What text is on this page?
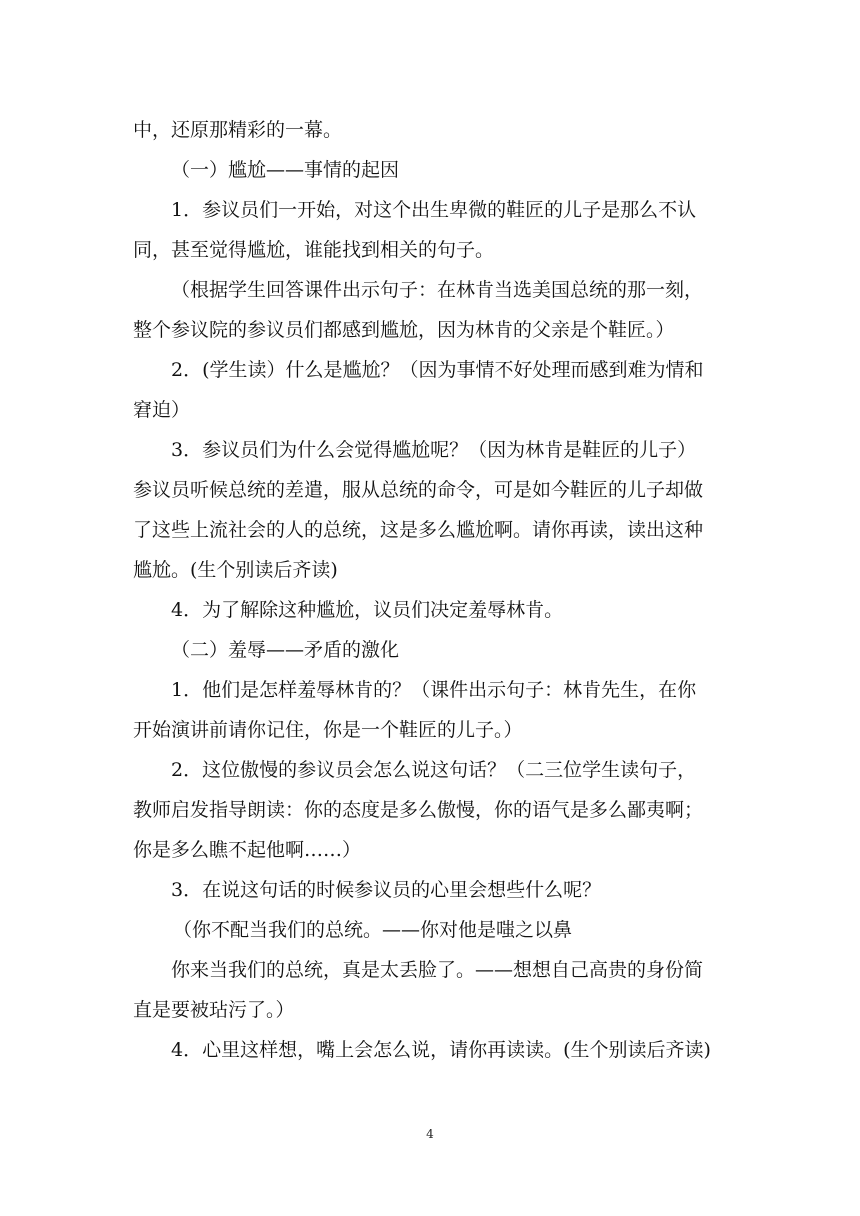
中，还原那精彩的一幕。

（一）尴尬——事情的起因

1．参议员们一开始，对这个出生卑微的鞋匠的儿子是那么不认

同，甚至觉得尴尬，谁能找到相关的句子。

（根据学生回答课件出示句子：在林肯当选美国总统的那一刻，

整个参议院的参议员们都感到尴尬，因为林肯的父亲是个鞋匠。）

2．(学生读）什么是尴尬？（因为事情不好处理而感到难为情和

窘迫）

3．参议员们为什么会觉得尴尬呢？（因为林肯是鞋匠的儿子）

参议员听候总统的差遣，服从总统的命令，可是如今鞋匠的儿子却做

了这些上流社会的人的总统，这是多么尴尬啊。请你再读，读出这种

尴尬。(生个别读后齐读)

4．为了解除这种尴尬，议员们决定羞辱林肯。

（二）羞辱——矛盾的激化

1．他们是怎样羞辱林肯的？（课件出示句子：林肯先生，在你

开始演讲前请你记住，你是一个鞋匠的儿子。）

2．这位傲慢的参议员会怎么说这句话？（二三位学生读句子，

教师启发指导朗读：你的态度是多么傲慢，你的语气是多么鄙夷啊；

你是多么瞧不起他啊……）

3．在说这句话的时候参议员的心里会想些什么呢？

（你不配当我们的总统。——你对他是嗤之以鼻

你来当我们的总统，真是太丢脸了。——想想自己高贵的身份简

直是要被玷污了。）

4．心里这样想，嘴上会怎么说，请你再读读。(生个别读后齐读)

4
